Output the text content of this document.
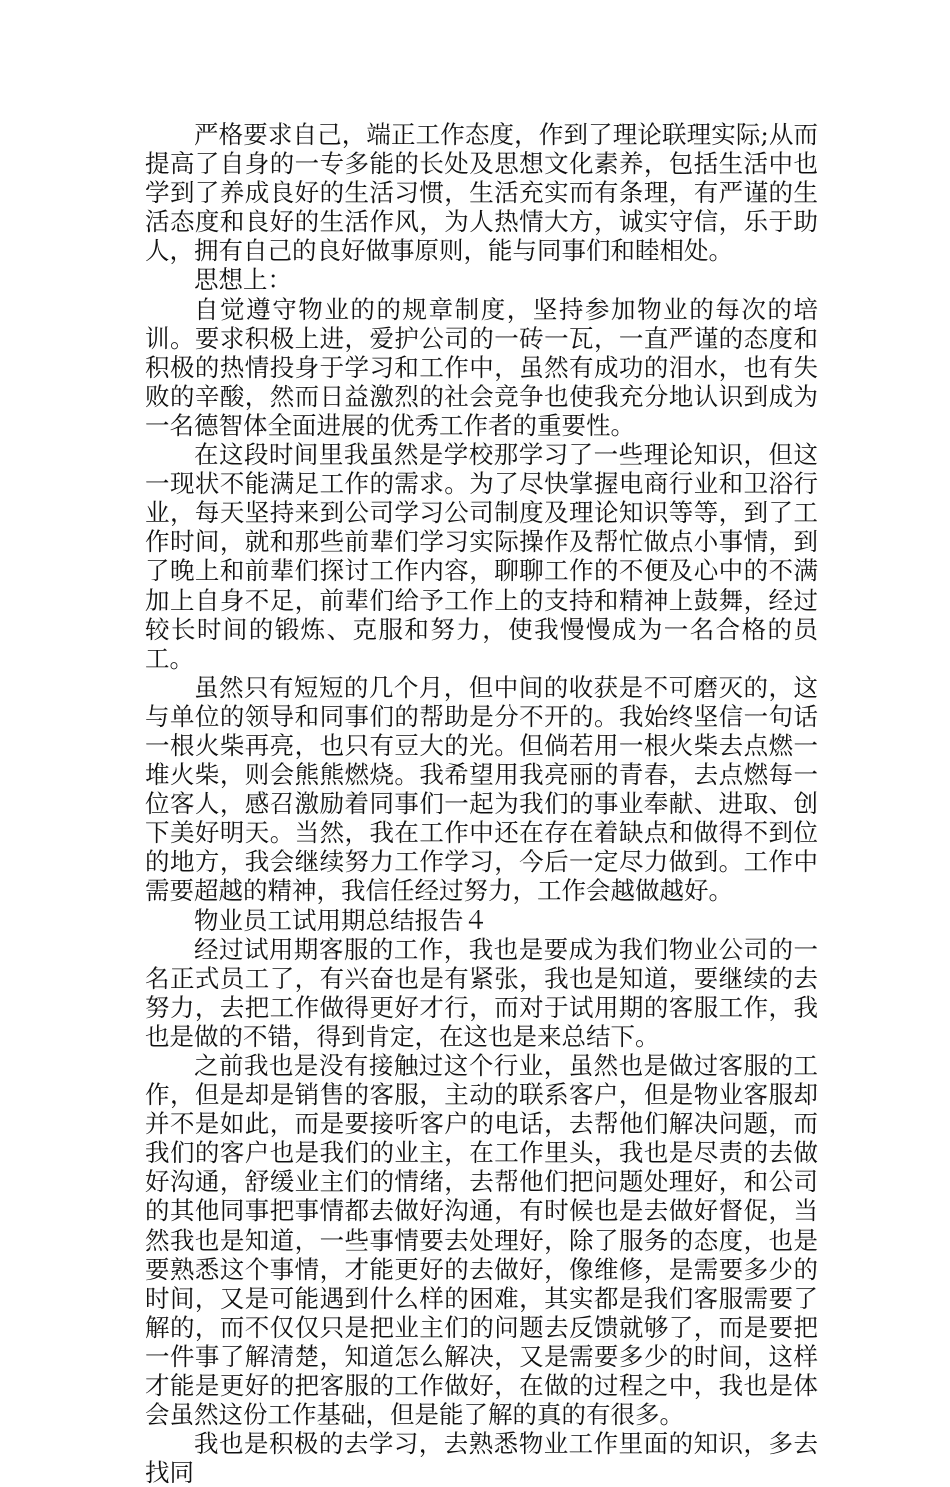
严格要求自己，端正工作态度，作到了理论联理实际;从而提高了自身的一专多能的长处及思想文化素养，包括生活中也学到了养成良好的生活习惯，生活充实而有条理，有严谨的生活态度和良好的生活作风，为人热情大方，诚实守信，乐于助人，拥有自己的良好做事原则，能与同事们和睦相处。

思想上：

自觉遵守物业的的规章制度，坚持参加物业的每次的培训。要求积极上进，爱护公司的一砖一瓦，一直严谨的态度和积极的热情投身于学习和工作中，虽然有成功的泪水，也有失败的辛酸，然而日益激烈的社会竞争也使我充分地认识到成为一名德智体全面进展的优秀工作者的重要性。

在这段时间里我虽然是学校那学习了一些理论知识，但这一现状不能满足工作的需求。为了尽快掌握电商行业和卫浴行业，每天坚持来到公司学习公司制度及理论知识等等，到了工作时间，就和那些前辈们学习实际操作及帮忙做点小事情，到了晚上和前辈们探讨工作内容，聊聊工作的不便及心中的不满加上自身不足，前辈们给予工作上的支持和精神上鼓舞，经过较长时间的锻炼、克服和努力，使我慢慢成为一名合格的员工。

虽然只有短短的几个月，但中间的收获是不可磨灭的，这与单位的领导和同事们的帮助是分不开的。我始终坚信一句话一根火柴再亮，也只有豆大的光。但倘若用一根火柴去点燃一堆火柴，则会熊熊燃烧。我希望用我亮丽的青春，去点燃每一位客人，感召激励着同事们一起为我们的事业奉献、进取、创下美好明天。当然，我在工作中还在存在着缺点和做得不到位的地方，我会继续努力工作学习，今后一定尽力做到。工作中需要超越的精神，我信任经过努力，工作会越做越好。

物业员工试用期总结报告４

经过试用期客服的工作，我也是要成为我们物业公司的一名正式员工了，有兴奋也是有紧张，我也是知道，要继续的去努力，去把工作做得更好才行，而对于试用期的客服工作，我也是做的不错，得到肯定，在这也是来总结下。

之前我也是没有接触过这个行业，虽然也是做过客服的工作，但是却是销售的客服，主动的联系客户，但是物业客服却并不是如此，而是要接听客户的电话，去帮他们解决问题，而我们的客户也是我们的业主，在工作里头，我也是尽责的去做好沟通，舒缓业主们的情绪，去帮他们把问题处理好，和公司的其他同事把事情都去做好沟通，有时候也是去做好督促，当然我也是知道，一些事情要去处理好，除了服务的态度，也是要熟悉这个事情，才能更好的去做好，像维修，是需要多少的时间，又是可能遇到什么样的困难，其实都是我们客服需要了解的，而不仅仅只是把业主们的问题去反馈就够了，而是要把一件事了解清楚，知道怎么解决，又是需要多少的时间，这样才能是更好的把客服的工作做好，在做的过程之中，我也是体会虽然这份工作基础，但是能了解的真的有很多。

我也是积极的去学习，去熟悉物业工作里面的知识，多去找同
